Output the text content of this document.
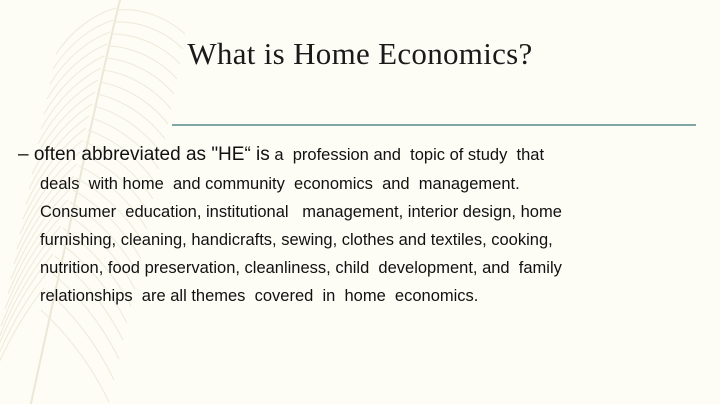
What is Home Economics?
– often abbreviated as "HE“ is a  profession and  topic of study  that
deals  with home  and community  economics  and  management.
Consumer  education, institutional   management, interior design, home
furnishing, cleaning, handicrafts, sewing, clothes and textiles, cooking,
nutrition, food preservation, cleanliness, child  development, and  family
relationships  are all themes  covered  in  home  economics.
